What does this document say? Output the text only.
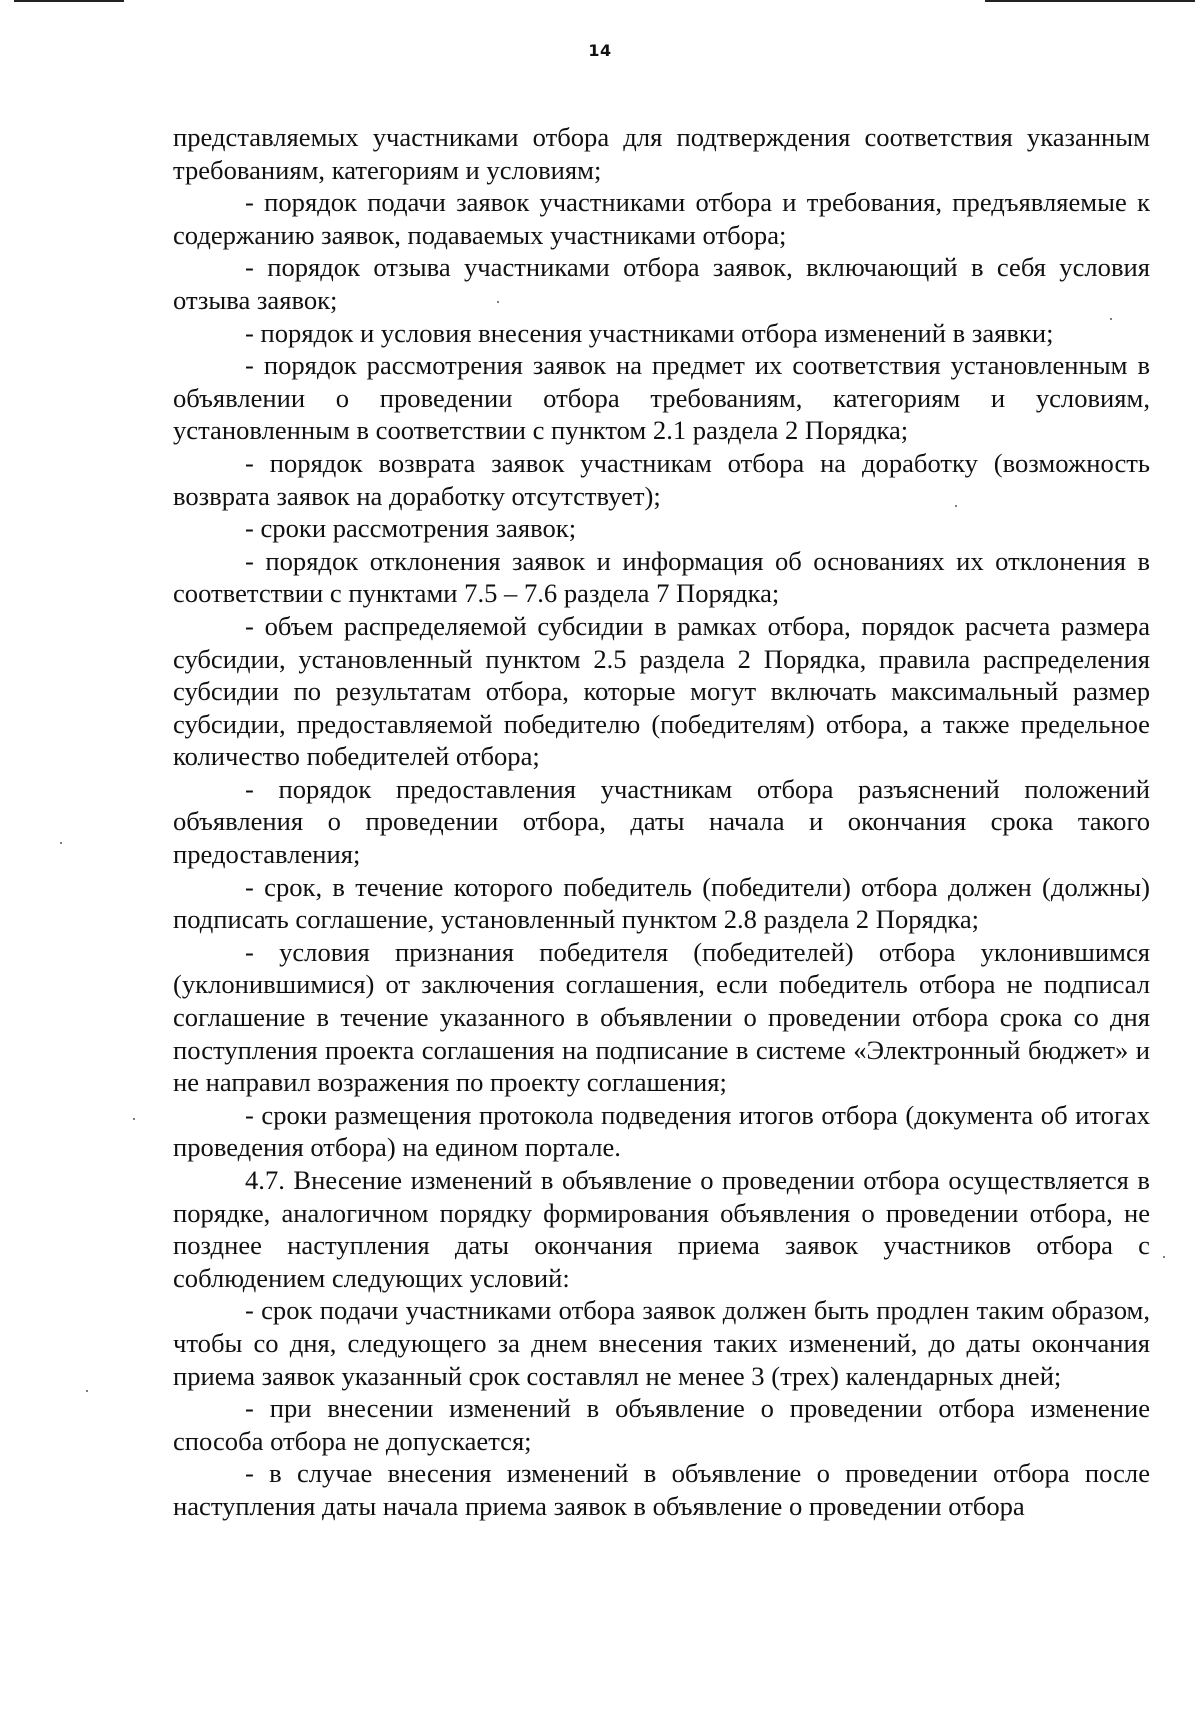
14

представляемых участниками отбора для подтверждения соответствия указанным требованиям, категориям и условиям;

- порядок подачи заявок участниками отбора и требования, предъявляемые к содержанию заявок, подаваемых участниками отбора;

- порядок отзыва участниками отбора заявок, включающий в себя условия отзыва заявок;

- порядок и условия внесения участниками отбора изменений в заявки;

- порядок рассмотрения заявок на предмет их соответствия установленным в объявлении о проведении отбора требованиям, категориям и условиям, установленным в соответствии с пунктом 2.1 раздела 2 Порядка;

- порядок возврата заявок участникам отбора на доработку (возможность возврата заявок на доработку отсутствует);

- сроки рассмотрения заявок;

- порядок отклонения заявок и информация об основаниях их отклонения в соответствии с пунктами 7.5 – 7.6 раздела 7 Порядка;

- объем распределяемой субсидии в рамках отбора, порядок расчета размера субсидии, установленный пунктом 2.5 раздела 2 Порядка, правила распределения субсидии по результатам отбора, которые могут включать максимальный размер субсидии, предоставляемой победителю (победителям) отбора, а также предельное количество победителей отбора;

- порядок предоставления участникам отбора разъяснений положений объявления о проведении отбора, даты начала и окончания срока такого предоставления;

- срок, в течение которого победитель (победители) отбора должен (должны) подписать соглашение, установленный пунктом 2.8 раздела 2 Порядка;

- условия признания победителя (победителей) отбора уклонившимся (уклонившимися) от заключения соглашения, если победитель отбора не подписал соглашение в течение указанного в объявлении о проведении отбора срока со дня поступления проекта соглашения на подписание в системе «Электронный бюджет» и не направил возражения по проекту соглашения;

- сроки размещения протокола подведения итогов отбора (документа об итогах проведения отбора) на едином портале.

4.7. Внесение изменений в объявление о проведении отбора осуществляется в порядке, аналогичном порядку формирования объявления о проведении отбора, не позднее наступления даты окончания приема заявок участников отбора с соблюдением следующих условий:

- срок подачи участниками отбора заявок должен быть продлен таким образом, чтобы со дня, следующего за днем внесения таких изменений, до даты окончания приема заявок указанный срок составлял не менее 3 (трех) календарных дней;

- при внесении изменений в объявление о проведении отбора изменение способа отбора не допускается;

- в случае внесения изменений в объявление о проведении отбора после наступления даты начала приема заявок в объявление о проведении отбора
